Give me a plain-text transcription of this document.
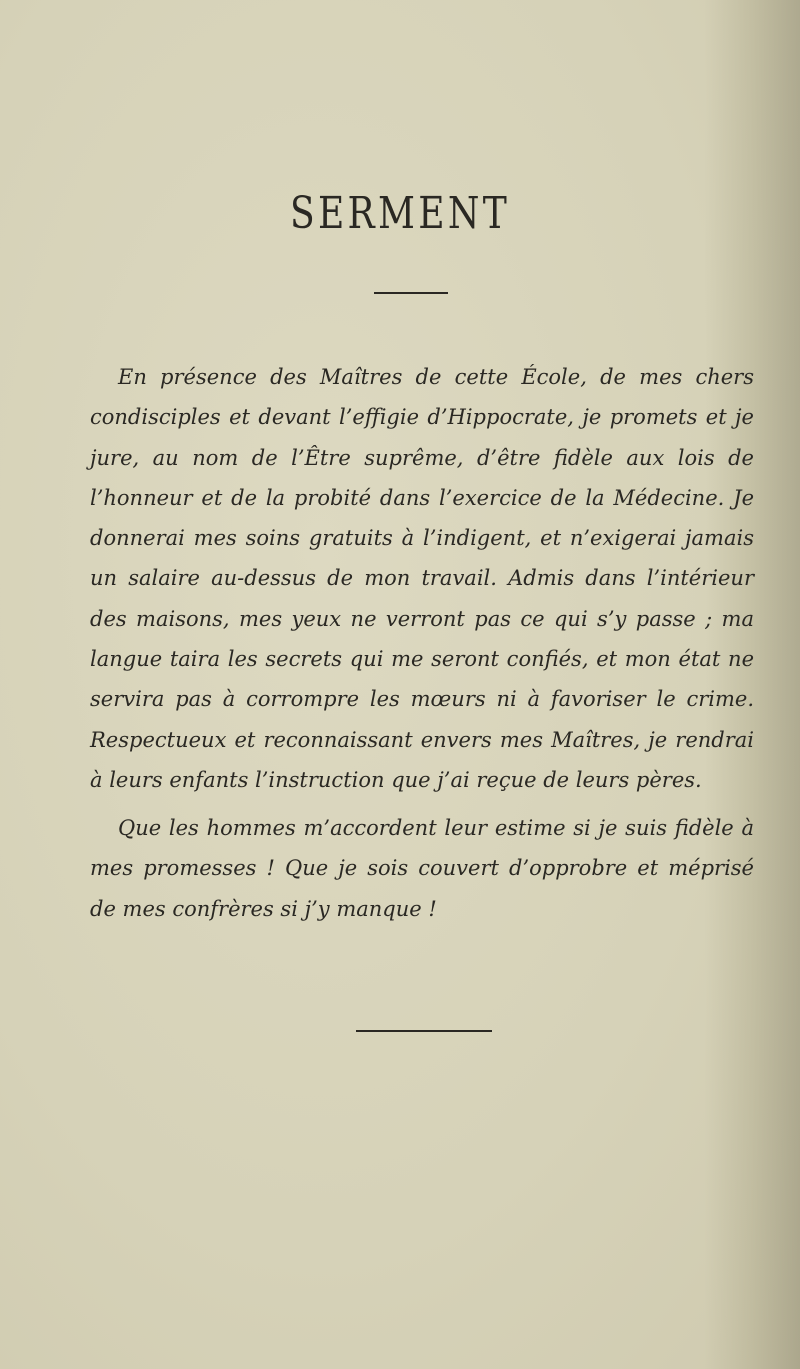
SERMENT

En présence des Maîtres de cette École, de mes chers condisciples et devant l’effigie d’Hippocrate, je promets et je jure, au nom de l’Être suprême, d’être fidèle aux lois de l’honneur et de la probité dans l’exercice de la Médecine. Je donnerai mes soins gratuits à l’indigent, et n’exigerai jamais un salaire au-dessus de mon travail. Admis dans l’intérieur des maisons, mes yeux ne verront pas ce qui s’y passe ; ma langue taira les secrets qui me seront confiés, et mon état ne servira pas à corrompre les mœurs ni à favoriser le crime. Respectueux et reconnaissant envers mes Maîtres, je rendrai à leurs enfants l’instruction que j’ai reçue de leurs pères.

Que les hommes m’accordent leur estime si je suis fidèle à mes promesses ! Que je sois couvert d’opprobre et méprisé de mes confrères si j’y manque !
